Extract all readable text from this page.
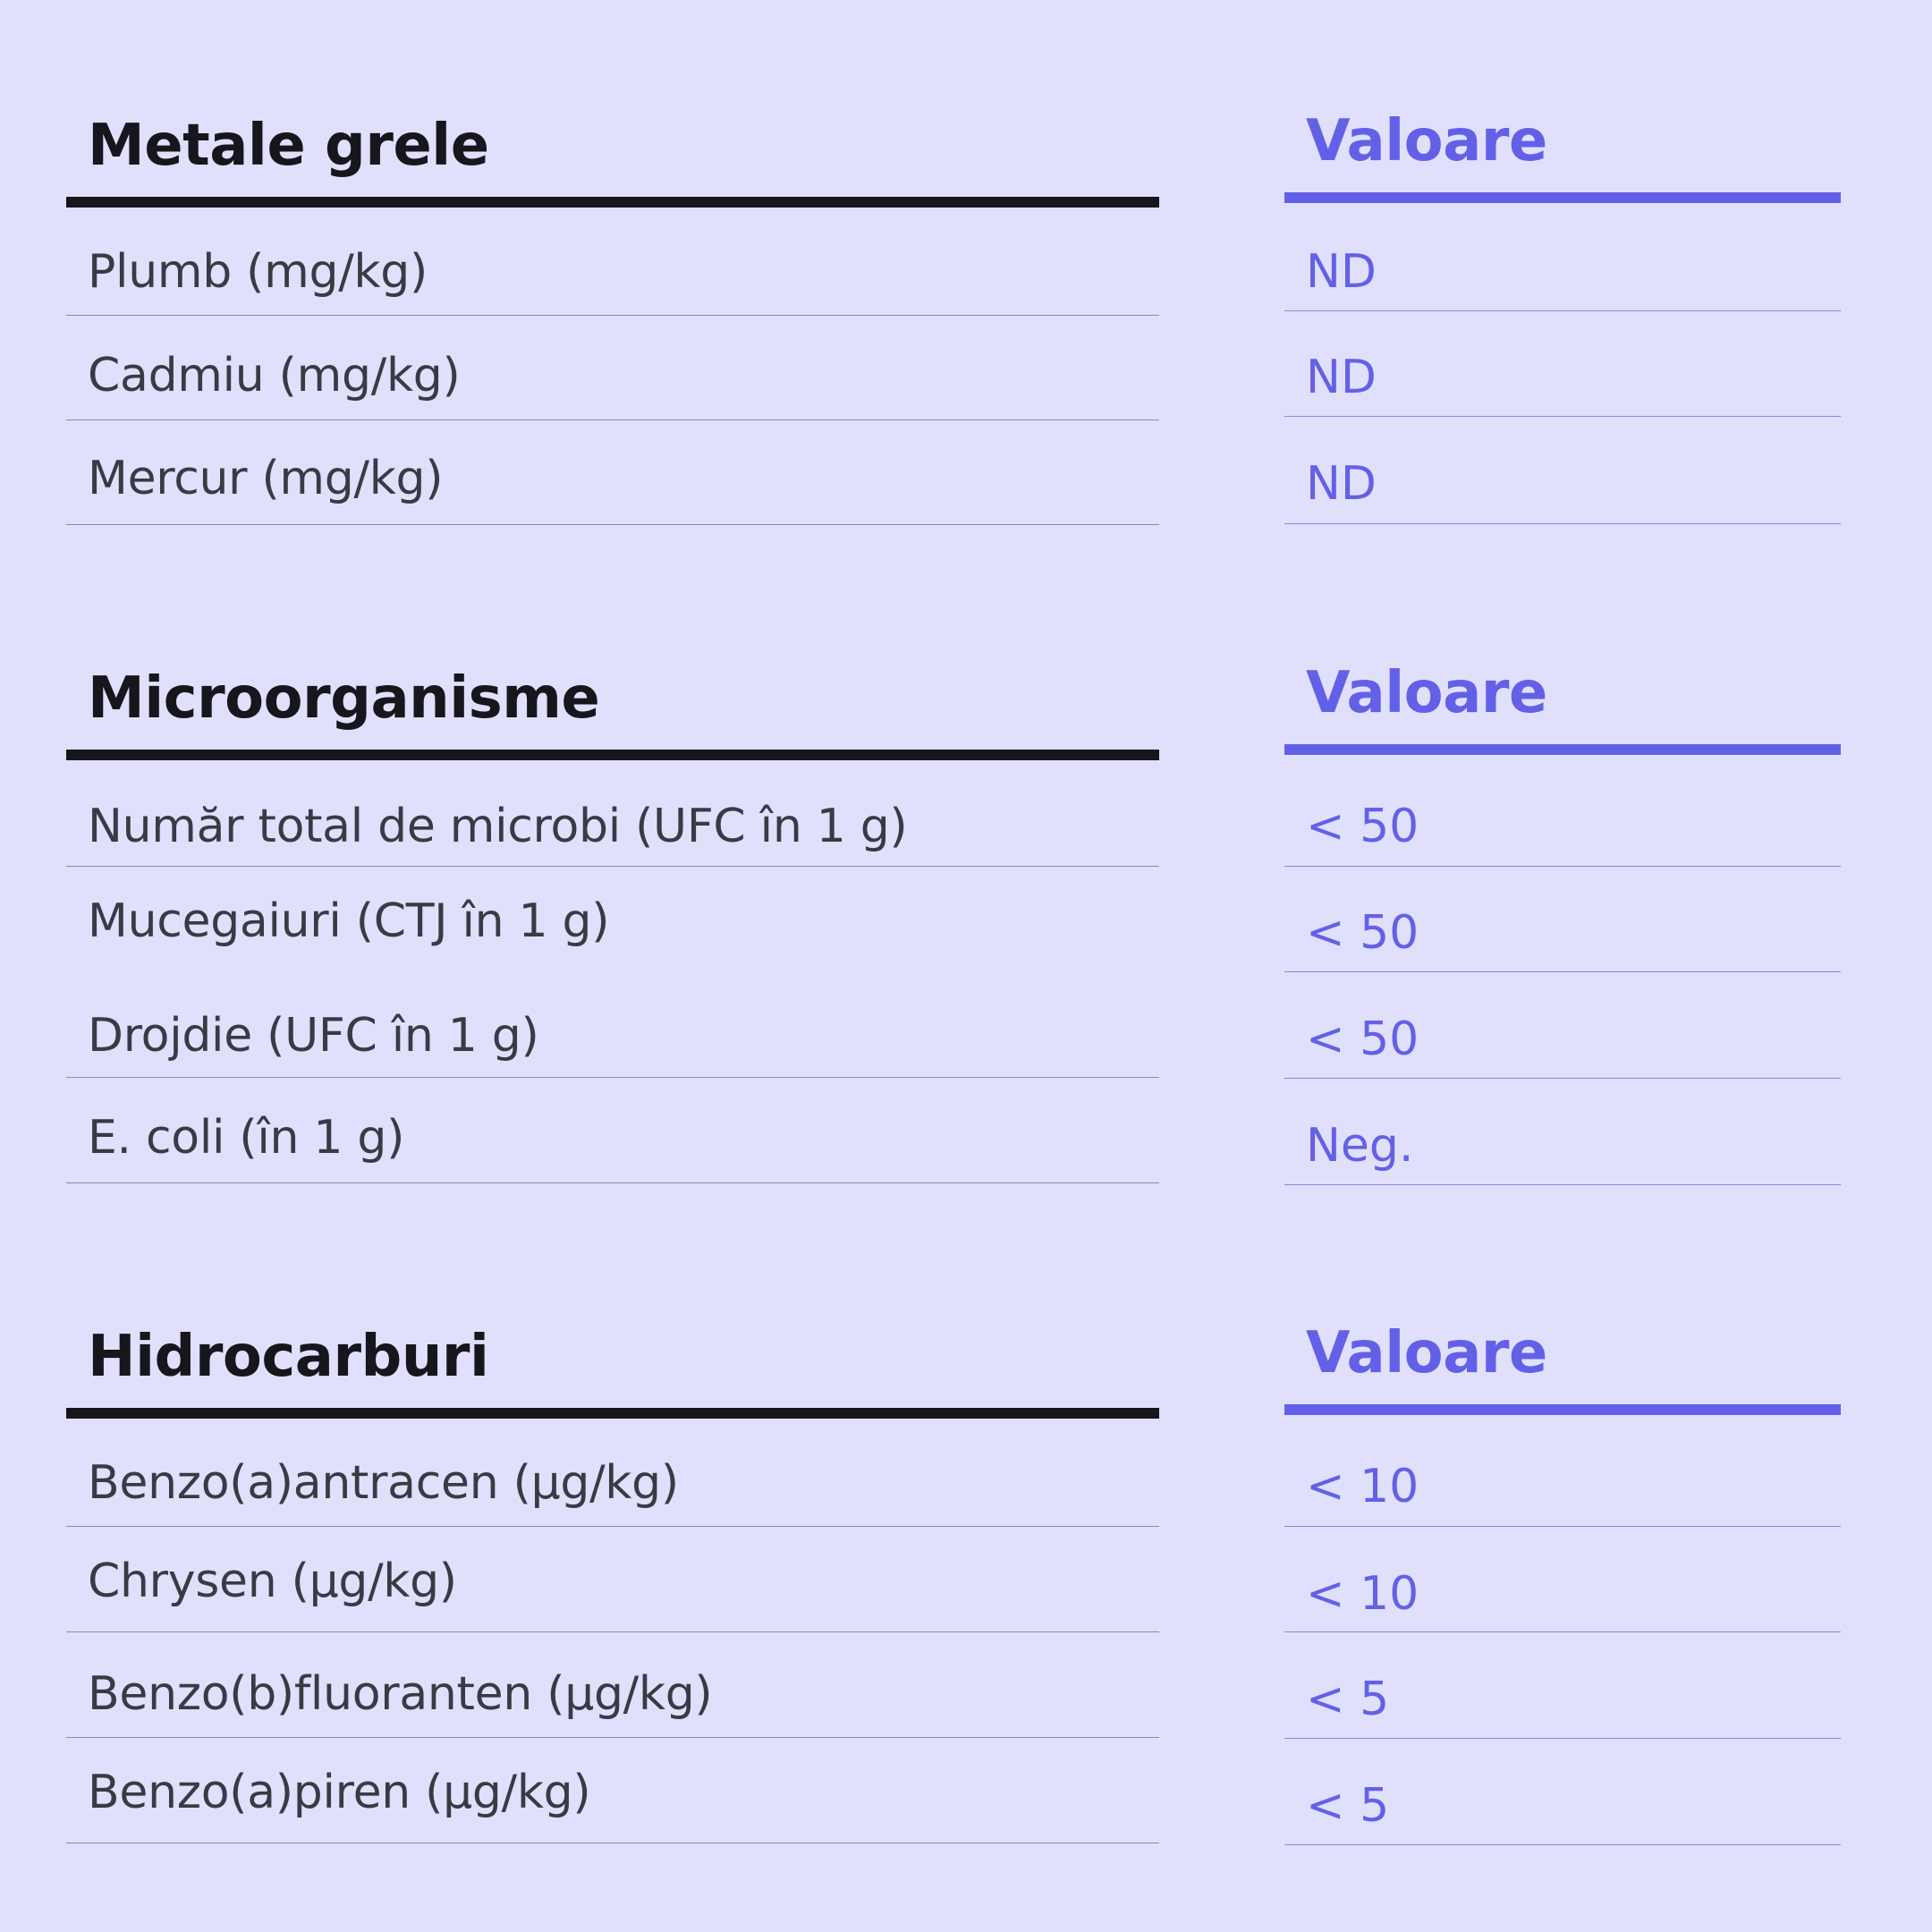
Metale grele
Plumb (mg/kg)
Cadmiu (mg/kg)
Mercur (mg/kg)
Valoare
ND
ND
ND
Microorganisme
Număr total de microbi (UFC în 1 g)
Mucegaiuri (CTJ în 1 g)
Drojdie (UFC în 1 g)
E. coli (în 1 g)
Valoare
< 50
< 50
< 50
Neg.
Hidrocarburi
Benzo(a)antracen (µg/kg)
Chrysen (µg/kg)
Benzo(b)fluoranten (µg/kg)
Benzo(a)piren (µg/kg)
Valoare
< 10
< 10
< 5
< 5
